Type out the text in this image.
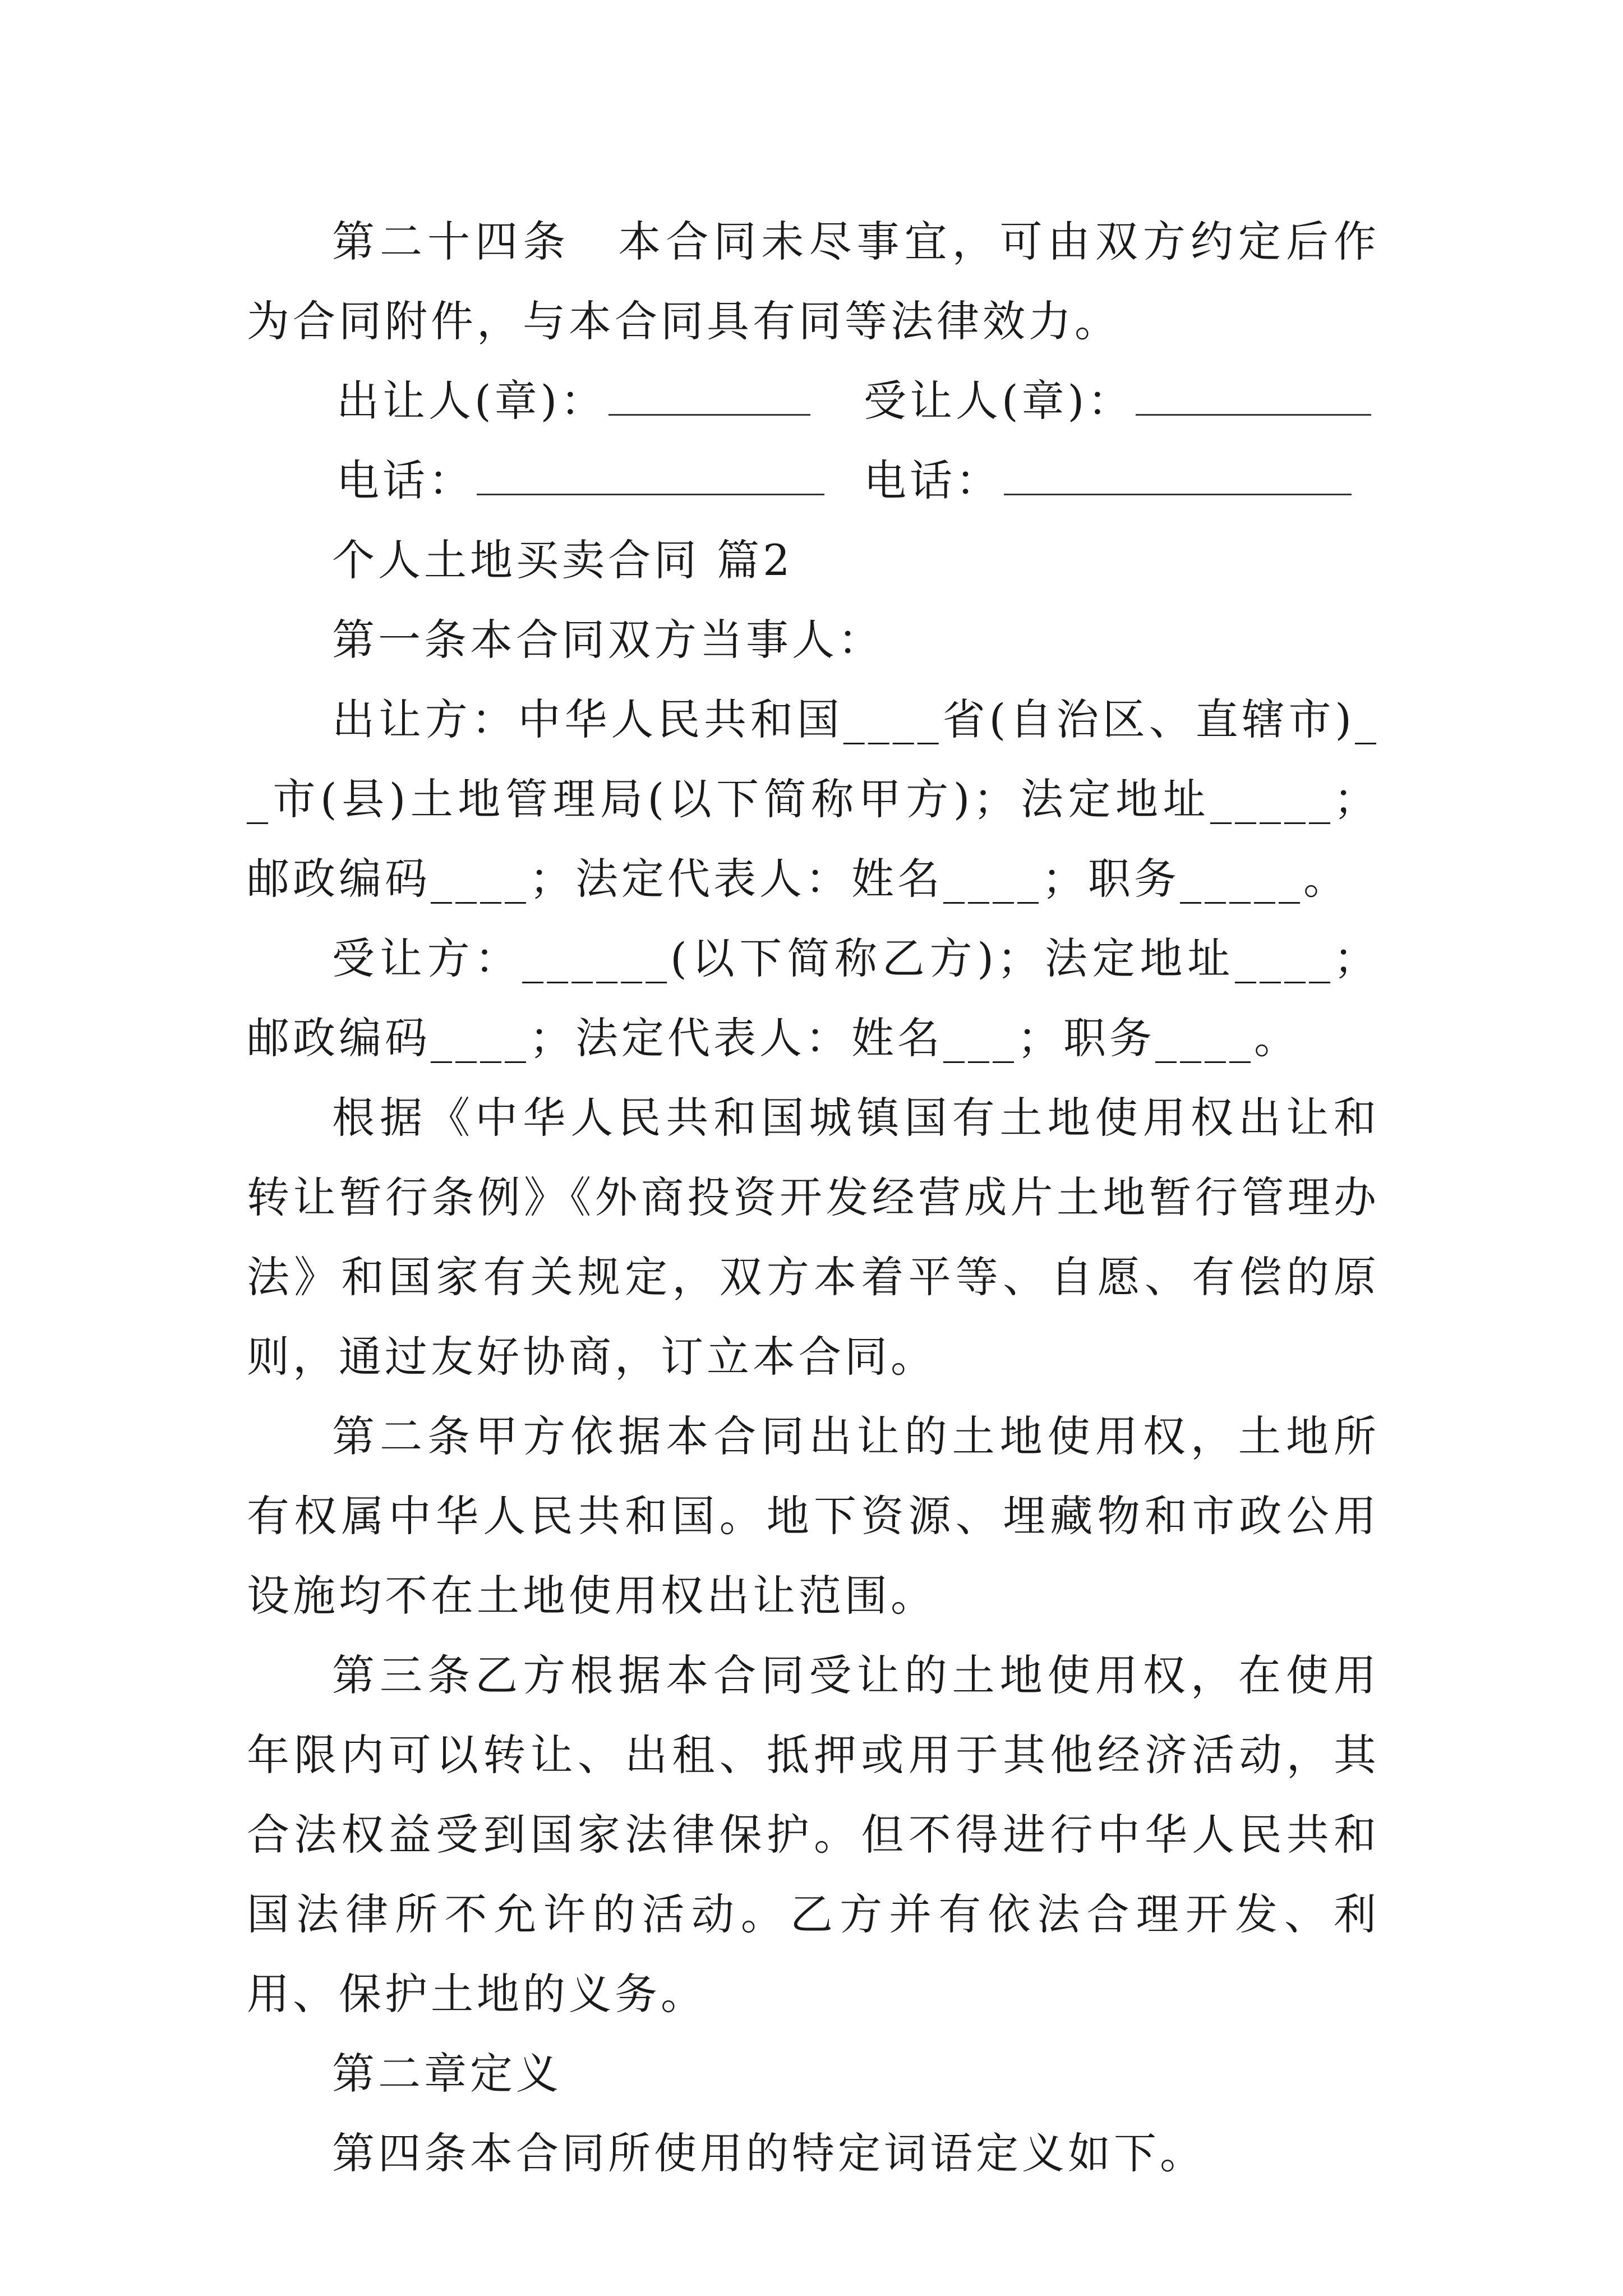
第二十四条　本合同未尽事宜，可由双方约定后作为合同附件，与本合同具有同等法律效力。

出让人(章)：	受让人(章)：
电话：	电话：

个人土地买卖合同 篇2

第一条本合同双方当事人：

出让方：中华人民共和国____省(自治区、直辖市)__市(县)土地管理局(以下简称甲方)；法定地址_____；邮政编码____；法定代表人：姓名____；职务_____。

受让方：______(以下简称乙方)；法定地址____；邮政编码____；法定代表人：姓名___；职务____。

根据《中华人民共和国城镇国有土地使用权出让和转让暂行条例》《外商投资开发经营成片土地暂行管理办法》和国家有关规定，双方本着平等、自愿、有偿的原则，通过友好协商，订立本合同。

第二条甲方依据本合同出让的土地使用权，土地所有权属中华人民共和国。地下资源、埋藏物和市政公用设施均不在土地使用权出让范围。

第三条乙方根据本合同受让的土地使用权，在使用年限内可以转让、出租、抵押或用于其他经济活动，其合法权益受到国家法律保护。但不得进行中华人民共和国法律所不允许的活动。乙方并有依法合理开发、利用、保护土地的义务。

第二章定义

第四条本合同所使用的特定词语定义如下。
